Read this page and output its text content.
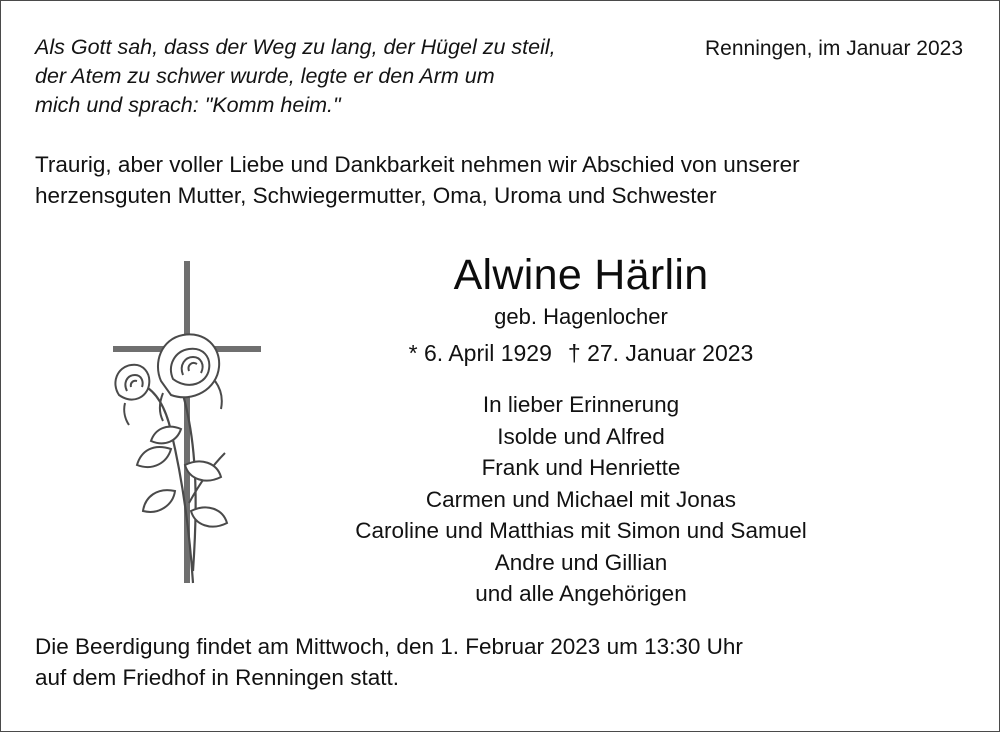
Als Gott sah, dass der Weg zu lang, der Hügel zu steil,
der Atem zu schwer wurde, legte er den Arm um
mich und sprach: "Komm heim."
Renningen, im Januar 2023
Traurig, aber voller Liebe und Dankbarkeit nehmen wir Abschied von unserer
herzensguten Mutter, Schwiegermutter, Oma, Uroma und Schwester
Alwine Härlin
geb. Hagenlocher
* 6. April 1929 † 27. Januar 2023
In lieber Erinnerung
Isolde und Alfred
Frank und Henriette
Carmen und Michael mit Jonas
Caroline und Matthias mit Simon und Samuel
Andre und Gillian
und alle Angehörigen
Die Beerdigung findet am Mittwoch, den 1. Februar 2023 um 13:30 Uhr
auf dem Friedhof in Renningen statt.
